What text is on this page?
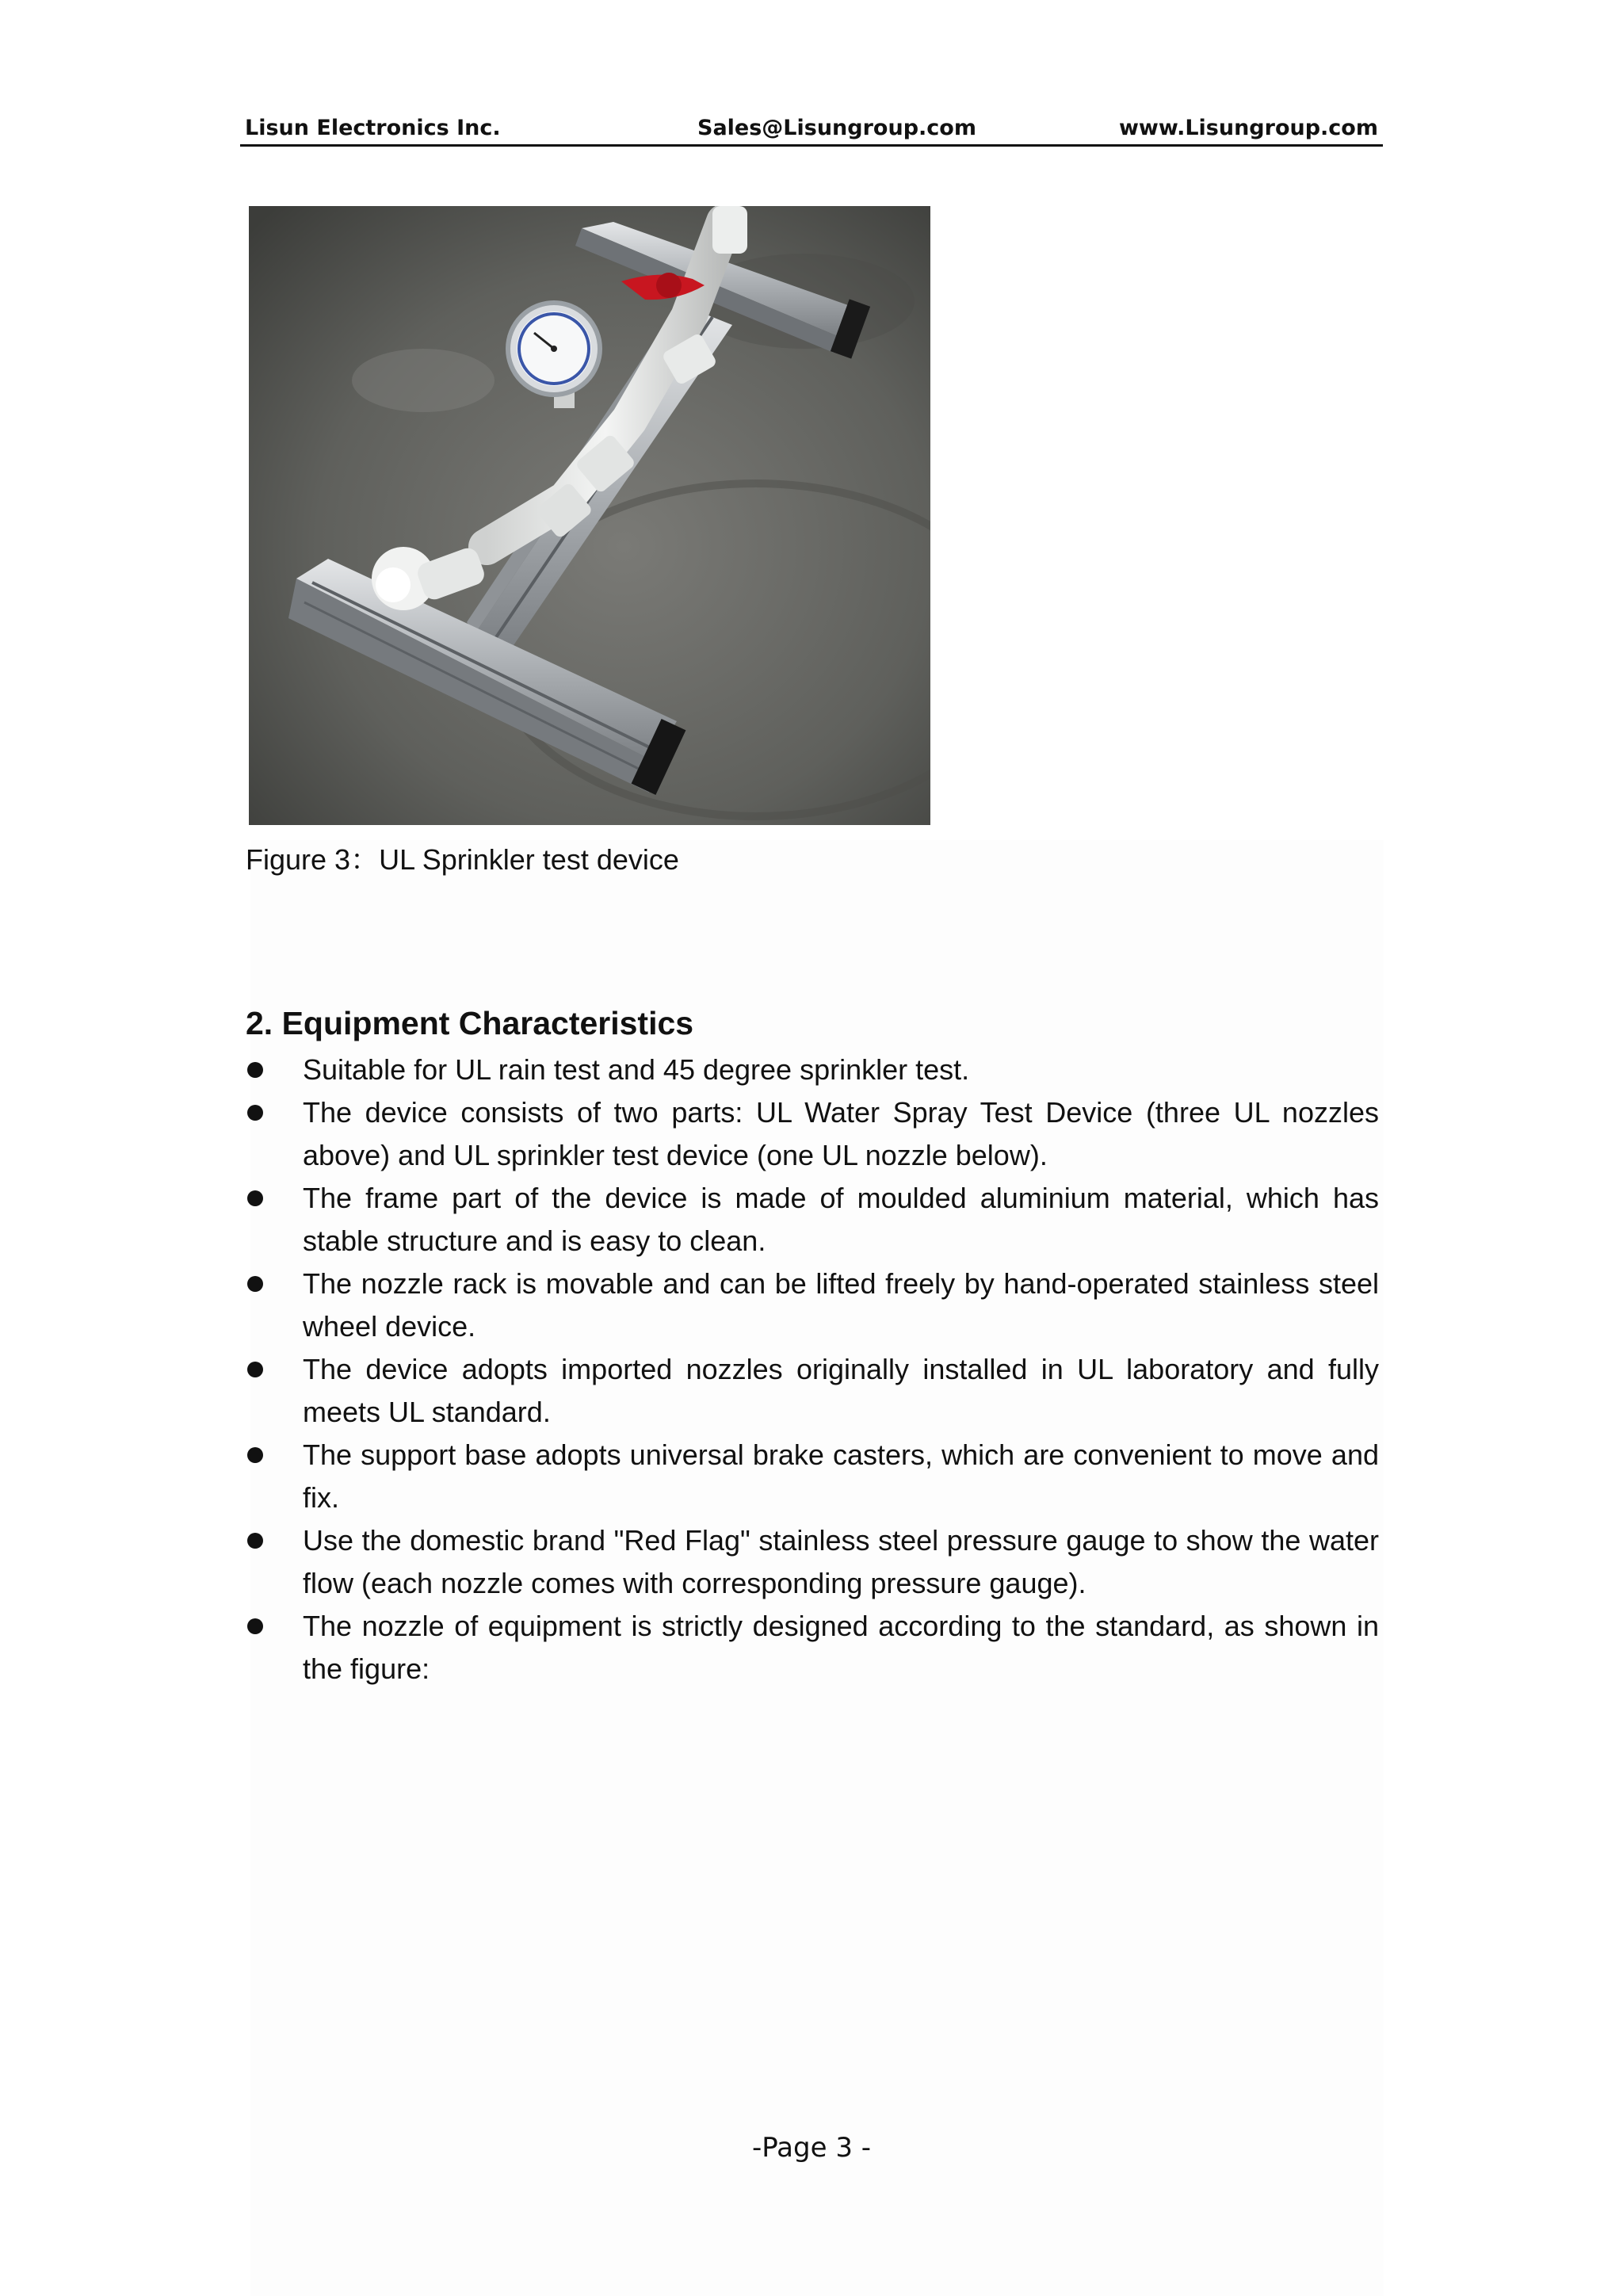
Lisun Electronics Inc.	Sales@Lisungroup.com	www.Lisungroup.com
Figure 3：UL Sprinkler test device
2. Equipment Characteristics
Suitable for UL rain test and 45 degree sprinkler test.
The device consists of two parts: UL Water Spray Test Device (three UL nozzles above) and UL sprinkler test device (one UL nozzle below).
The frame part of the device is made of moulded aluminium material, which has stable structure and is easy to clean.
The nozzle rack is movable and can be lifted freely by hand-operated stainless steel wheel device.
The device adopts imported nozzles originally installed in UL laboratory and fully meets UL standard.
The support base adopts universal brake casters, which are convenient to move and fix.
Use the domestic brand "Red Flag" stainless steel pressure gauge to show the water flow (each nozzle comes with corresponding pressure gauge).
The nozzle of equipment is strictly designed according to the standard, as shown in the figure:
-Page 3 -
